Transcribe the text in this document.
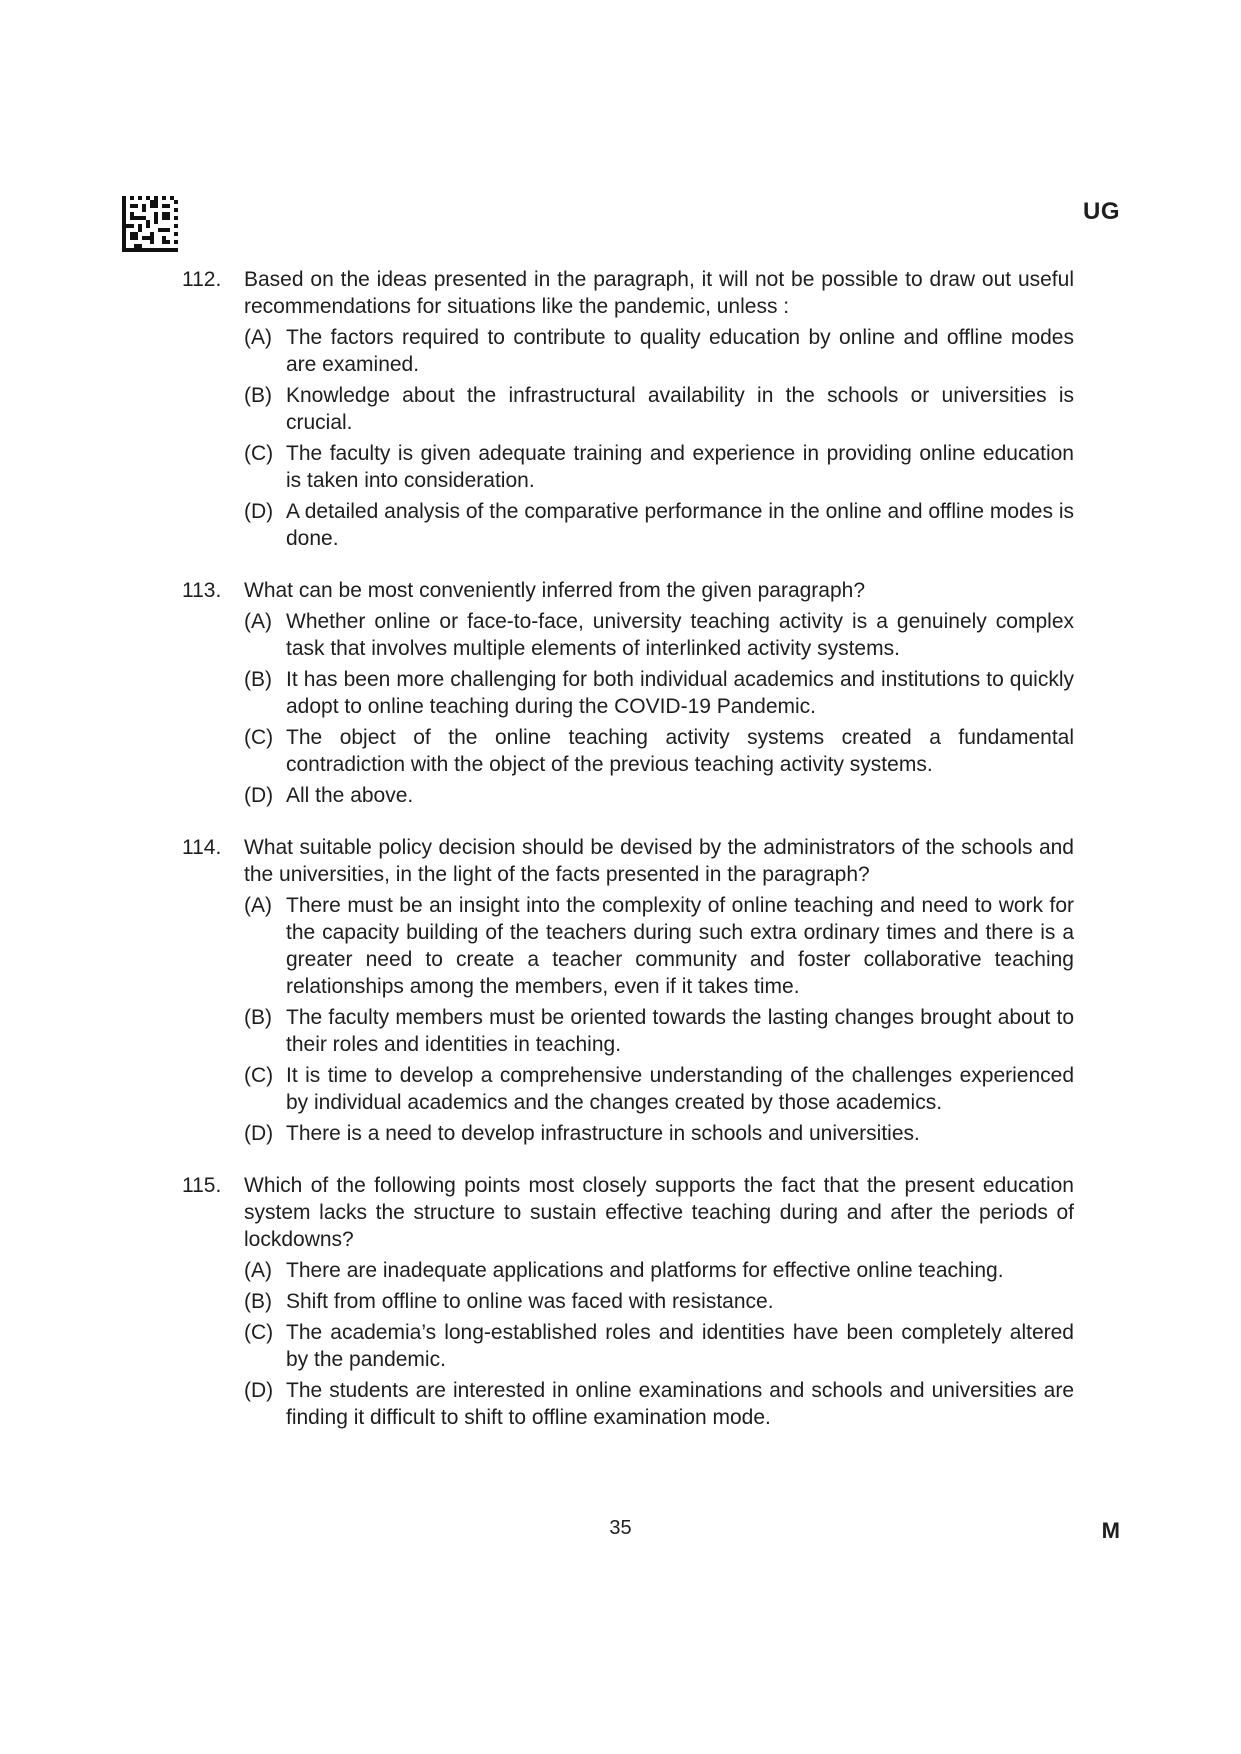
UG
112. Based on the ideas presented in the paragraph, it will not be possible to draw out useful recommendations for situations like the pandemic, unless :

(A) The factors required to contribute to quality education by online and offline modes are examined.
(B) Knowledge about the infrastructural availability in the schools or universities is crucial.
(C) The faculty is given adequate training and experience in providing online education is taken into consideration.
(D) A detailed analysis of the comparative performance in the online and offline modes is done.
113. What can be most conveniently inferred from the given paragraph?

(A) Whether online or face-to-face, university teaching activity is a genuinely complex task that involves multiple elements of interlinked activity systems.
(B) It has been more challenging for both individual academics and institutions to quickly adopt to online teaching during the COVID-19 Pandemic.
(C) The object of the online teaching activity systems created a fundamental contradiction with the object of the previous teaching activity systems.
(D) All the above.
114. What suitable policy decision should be devised by the administrators of the schools and the universities, in the light of the facts presented in the paragraph?

(A) There must be an insight into the complexity of online teaching and need to work for the capacity building of the teachers during such extra ordinary times and there is a greater need to create a teacher community and foster collaborative teaching relationships among the members, even if it takes time.
(B) The faculty members must be oriented towards the lasting changes brought about to their roles and identities in teaching.
(C) It is time to develop a comprehensive understanding of the challenges experienced by individual academics and the changes created by those academics.
(D) There is a need to develop infrastructure in schools and universities.
115. Which of the following points most closely supports the fact that the present education system lacks the structure to sustain effective teaching during and after the periods of lockdowns?

(A) There are inadequate applications and platforms for effective online teaching.
(B) Shift from offline to online was faced with resistance.
(C) The academia’s long-established roles and identities have been completely altered by the pandemic.
(D) The students are interested in online examinations and schools and universities are finding it difficult to shift to offline examination mode.
35	M
